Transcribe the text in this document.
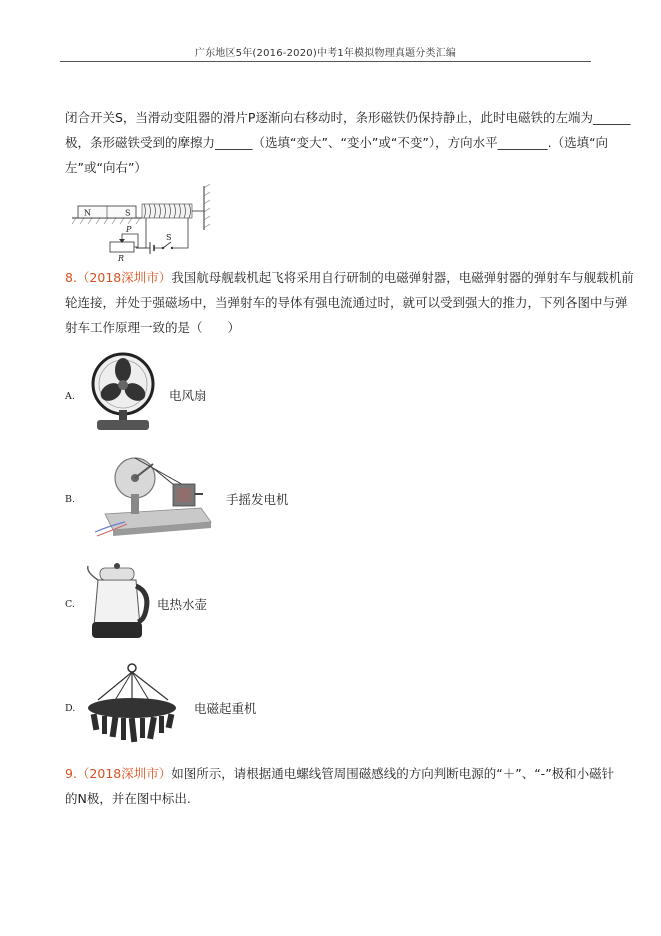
广东地区5年(2016-2020)中考1年模拟物理真题分类汇编
闭合开关S，当滑动变阻器的滑片P逐渐向右移动时，条形磁铁仍保持静止，此时电磁铁的左端为______
极，条形磁铁受到的摩擦力______（选填“变大”、“变小”或“不变”），方向水平________.（选填“向
左”或“向右”）
N	S
P
R
S
8.（2018深圳市）我国航母舰载机起飞将采用自行研制的电磁弹射器，电磁弹射器的弹射车与舰载机前
轮连接，并处于强磁场中，当弹射车的导体有强电流通过时，就可以受到强大的推力，下列各图中与弹
射车工作原理一致的是（　　）
A.	电风扇
B.	手摇发电机
C.	电热水壶
D.	电磁起重机
9.（2018深圳市）如图所示，请根据通电螺线管周围磁感线的方向判断电源的“＋”、“-”极和小磁针
的N极，并在图中标出.
